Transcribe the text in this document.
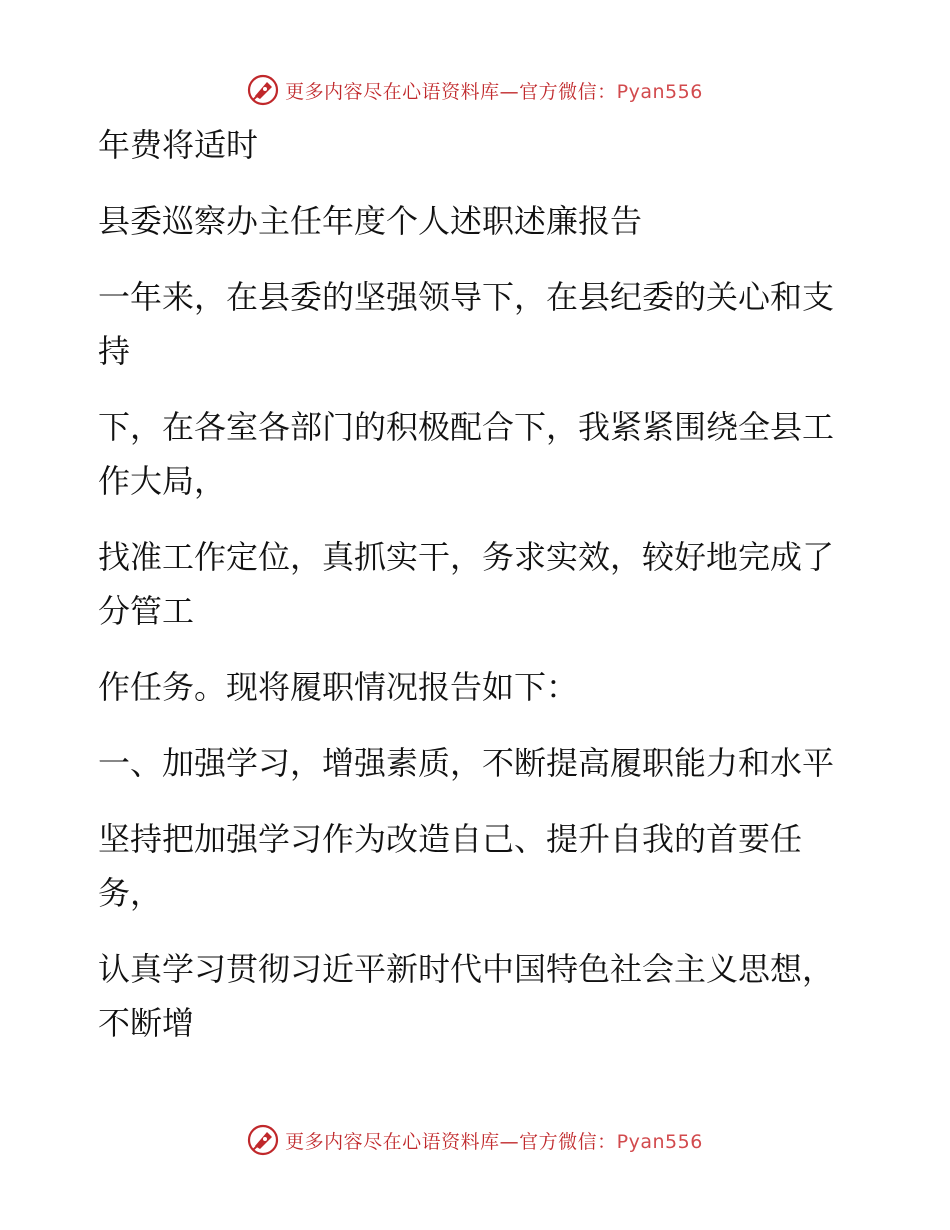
更多内容尽在心语资料库—官方微信：Pyan556

年费将适时

县委巡察办主任年度个人述职述廉报告

一年来，在县委的坚强领导下，在县纪委的关心和支持

下，在各室各部门的积极配合下，我紧紧围绕全县工作大局，

找准工作定位，真抓实干，务求实效，较好地完成了分管工

作任务。现将履职情况报告如下：

一、加强学习，增强素质，不断提高履职能力和水平

坚持把加强学习作为改造自己、提升自我的首要任务，

认真学习贯彻习近平新时代中国特色社会主义思想，不断增

更多内容尽在心语资料库—官方微信：Pyan556
